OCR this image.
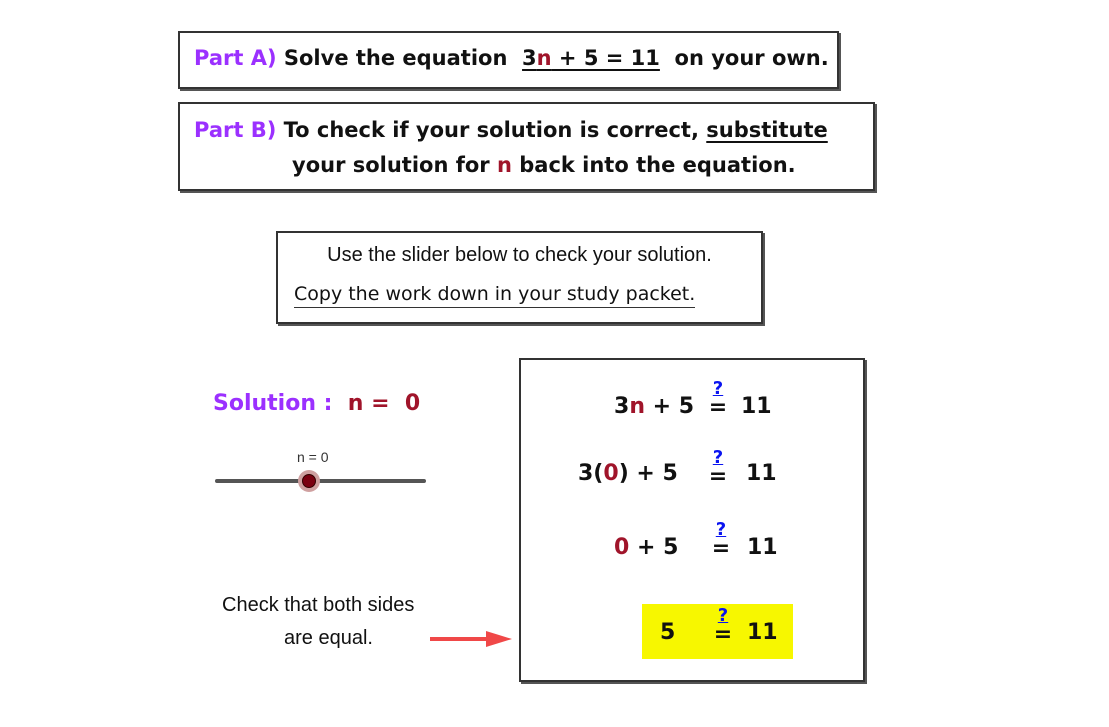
Part A) Solve the equation 3n + 5 = 11 on your own.
Part B) To check if your solution is correct, substitute
your solution for n back into the equation.
Use the slider below to check your solution.
Copy the work down in your study packet.
Solution : n = 0
n = 0
Check that both sides
are equal.
3n + 5
?
= 11
3(0) + 5
?
= 11
0 + 5
?
= 11
5
?
= 11
